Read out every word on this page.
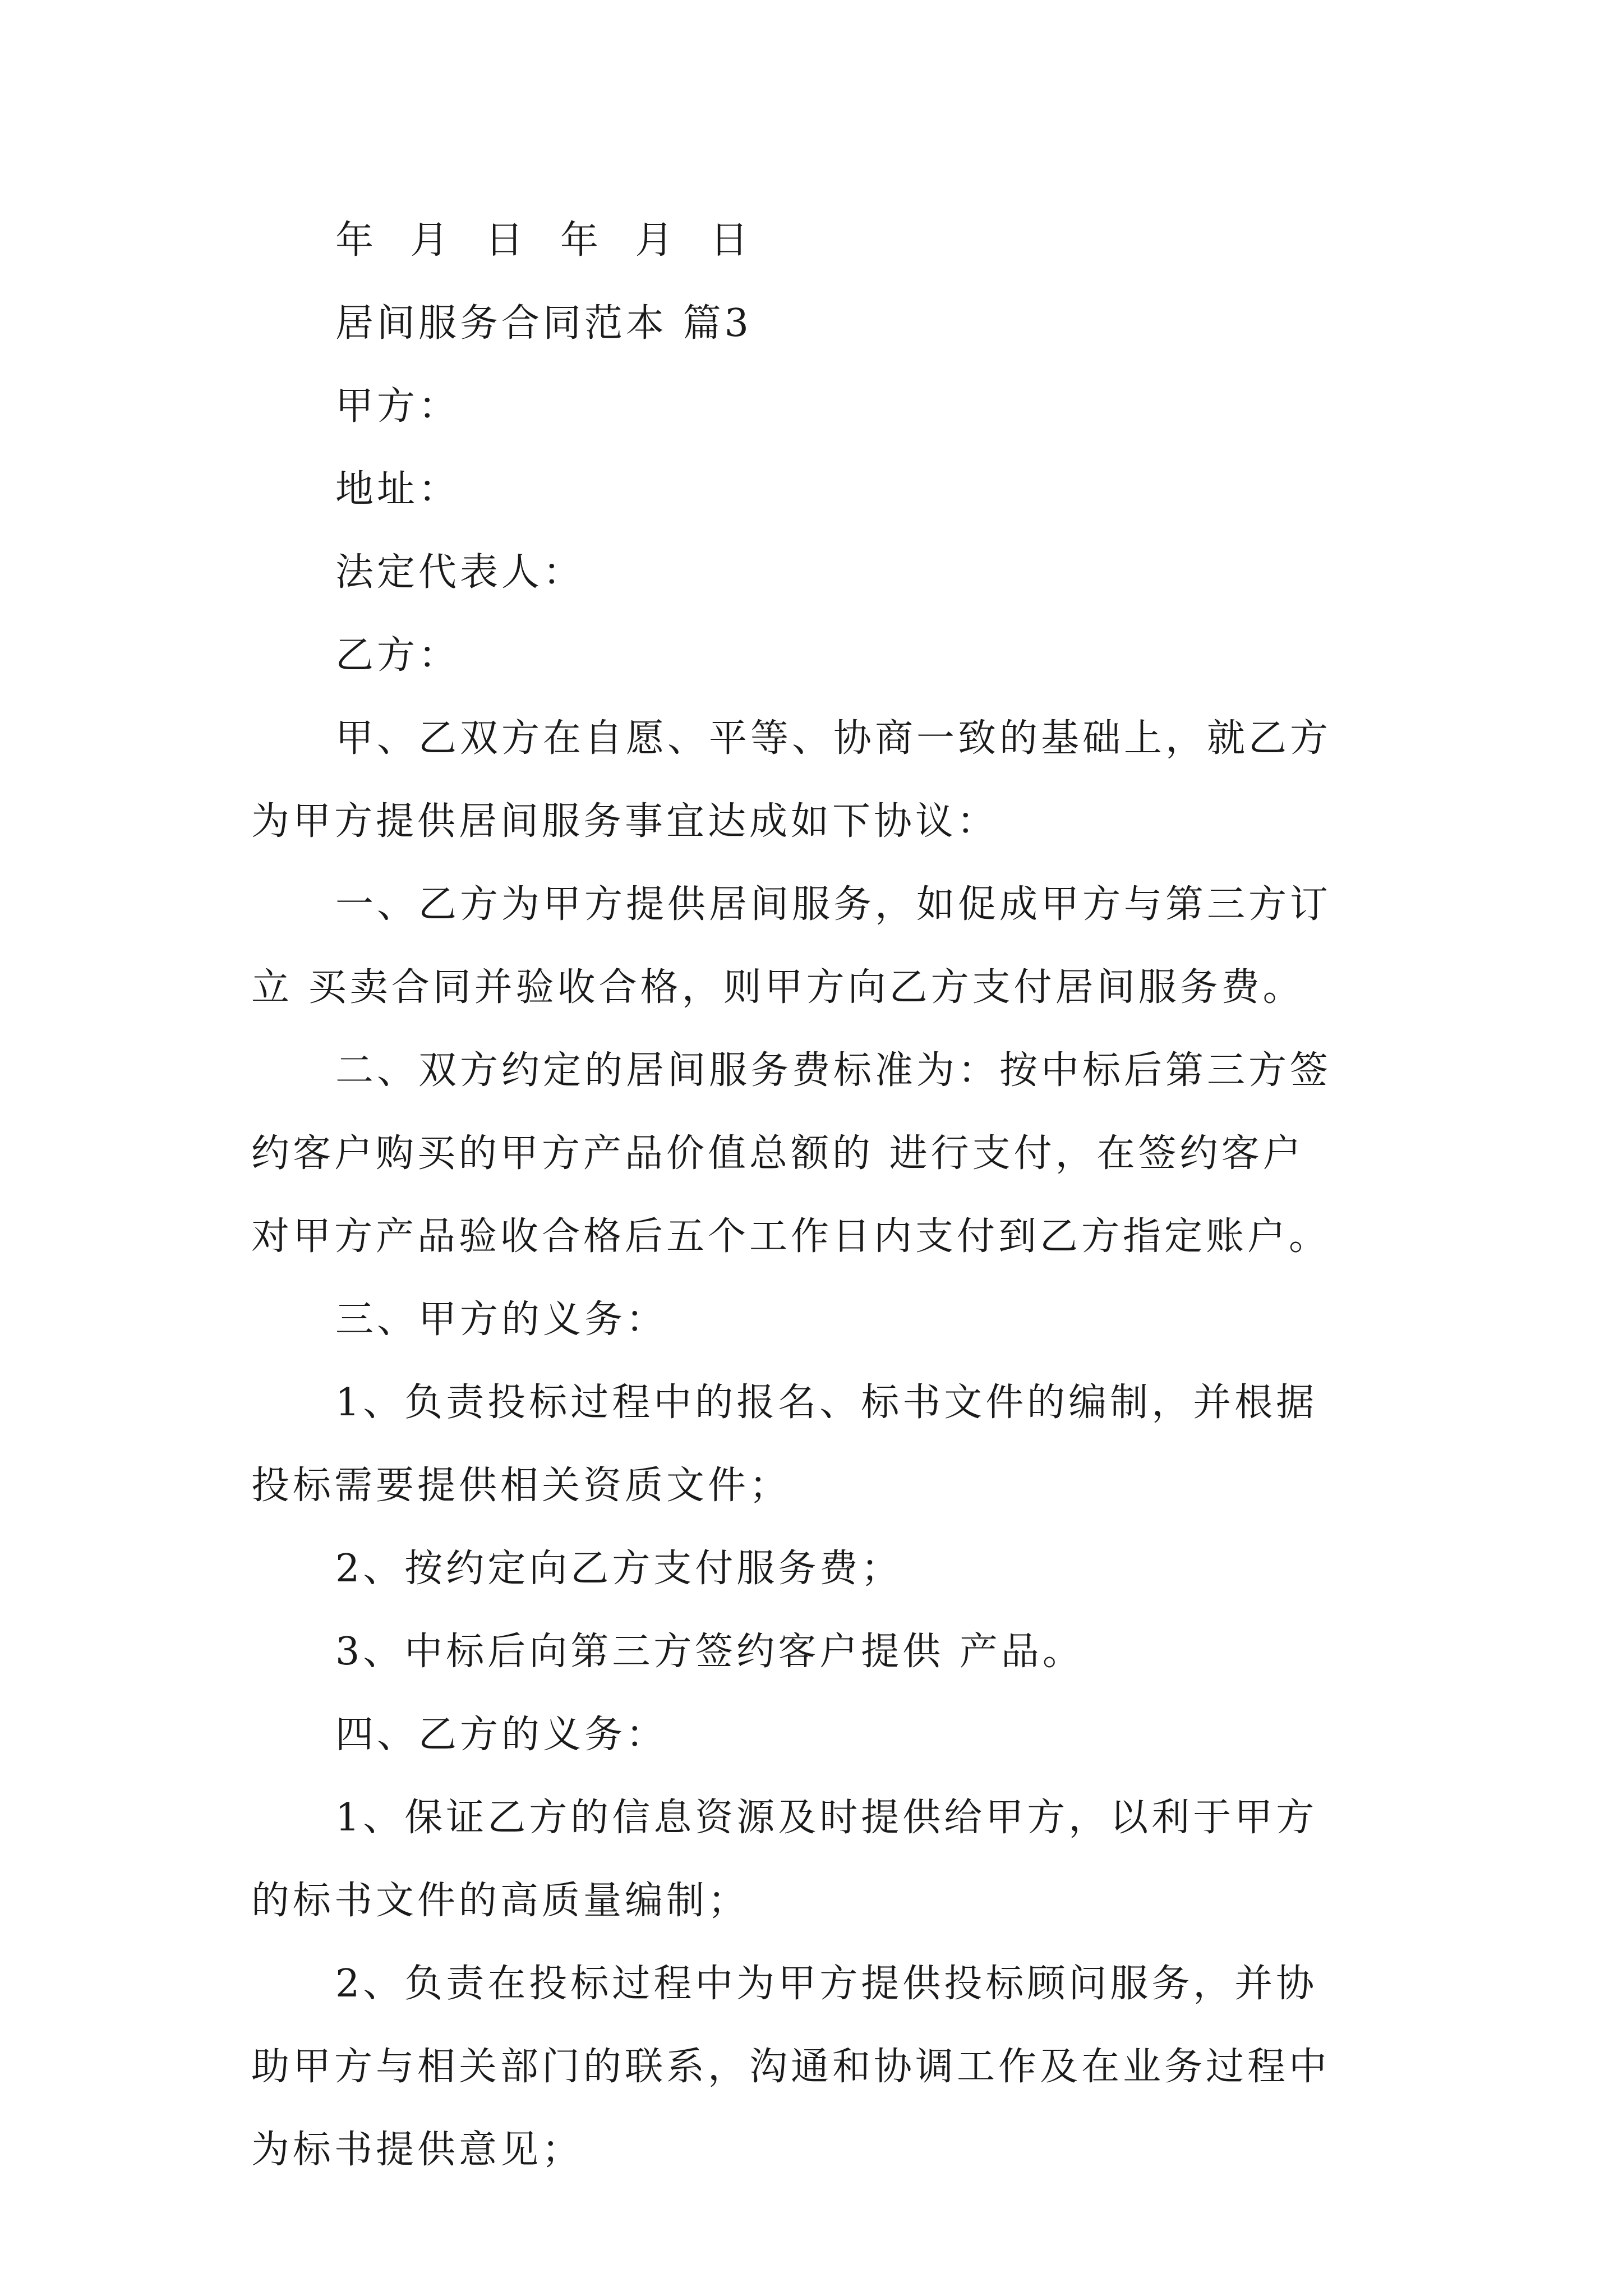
年 月 日 年 月 日
居间服务合同范本 篇3
甲方：
地址：
法定代表人：
乙方：
甲、乙双方在自愿、平等、协商一致的基础上，就乙方
为甲方提供居间服务事宜达成如下协议：
一、乙方为甲方提供居间服务，如促成甲方与第三方订
立 买卖合同并验收合格，则甲方向乙方支付居间服务费。
二、双方约定的居间服务费标准为：按中标后第三方签
约客户购买的甲方产品价值总额的 进行支付，在签约客户
对甲方产品验收合格后五个工作日内支付到乙方指定账户。
三、甲方的义务：
1、负责投标过程中的报名、标书文件的编制，并根据
投标需要提供相关资质文件；
2、按约定向乙方支付服务费；
3、中标后向第三方签约客户提供 产品。
四、乙方的义务：
1、保证乙方的信息资源及时提供给甲方，以利于甲方
的标书文件的高质量编制；
2、负责在投标过程中为甲方提供投标顾问服务，并协
助甲方与相关部门的联系，沟通和协调工作及在业务过程中
为标书提供意见；
